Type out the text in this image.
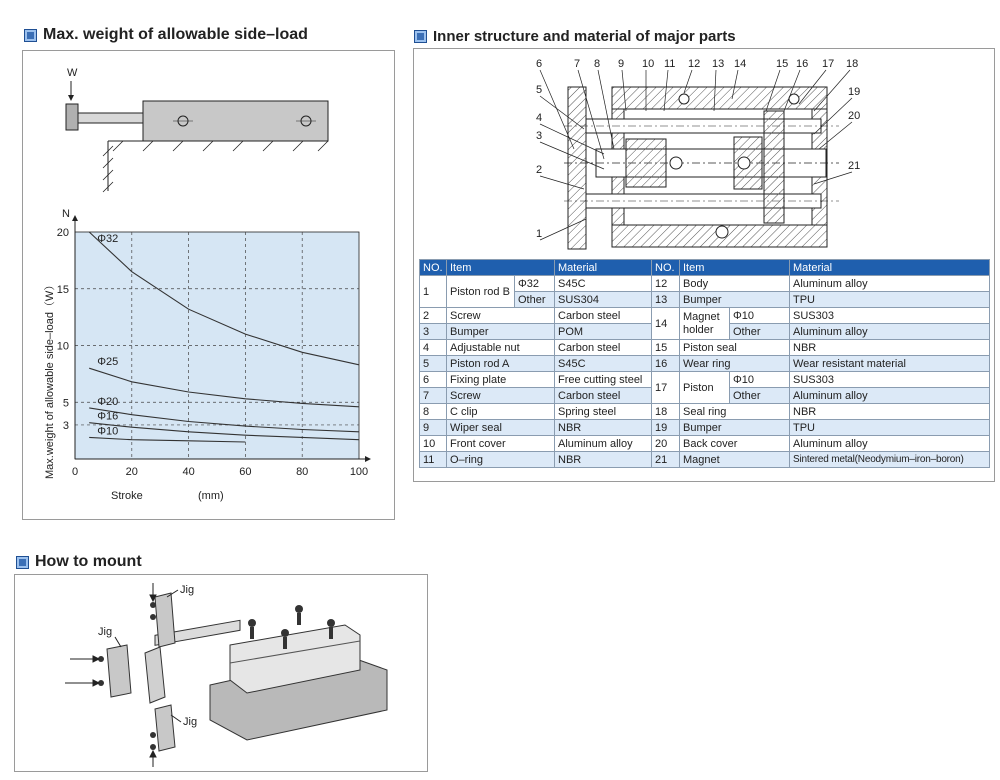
Max. weight of allowable side–load	Inner structure and material of major parts
How to mount
W
0	20	40	60	80	100
3
5
10
15
20	Φ32
Φ25
Φ20
Φ16
Φ10
N
Stroke	(mm)
Max.weight of allowable side–load（W）
1
2
3
4
5
6	7 8 9 10 11 12 13 14	15 16 17 18
19
20
21
NO.	Item		Material	NO.	Item		Material
1	Piston rod B	Φ32	S45C	12	Body		Aluminum alloy
		Other	SUS304	13	Bumper		TPU
2	Screw		Carbon steel	14	Magnet holder	Φ10	SUS303
3	Bumper		POM			Other	Aluminum alloy
4	Adjustable nut		Carbon steel	15	Piston seal		NBR
5	Piston rod A		S45C	16	Wear ring		Wear resistant material
6	Fixing plate		Free cutting steel	17	Piston	Φ10	SUS303
7	Screw		Carbon steel			Other	Aluminum alloy
8	C clip		Spring steel	18	Seal ring		NBR
9	Wiper seal		NBR	19	Bumper		TPU
10	Front cover		Aluminum alloy	20	Back cover		Aluminum alloy
11	O–ring		NBR	21	Magnet		Sintered metal(Neodymium–iron–boron)
Jig
Jig
Jig
